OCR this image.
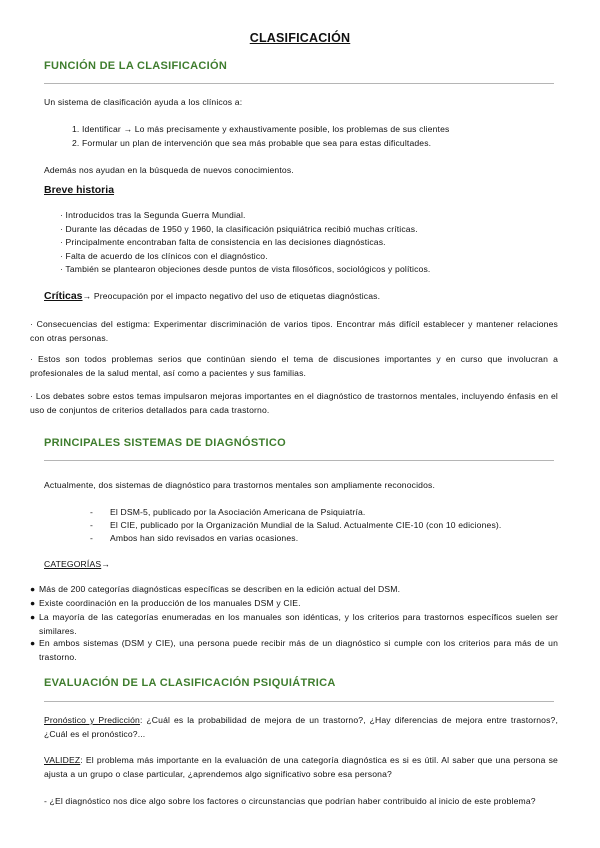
CLASIFICACIÓN
FUNCIÓN DE LA CLASIFICACIÓN
Un sistema de clasificación ayuda a los clínicos a:
1. Identificar → Lo más precisamente y exhaustivamente posible, los problemas de sus clientes
2. Formular un plan de intervención que sea más probable que sea para estas dificultades.
Además nos ayudan en la búsqueda de nuevos conocimientos.
Breve historia
· Introducidos tras la Segunda Guerra Mundial.
· Durante las décadas de 1950 y 1960, la clasificación psiquiátrica recibió muchas críticas.
· Principalmente encontraban falta de consistencia en las decisiones diagnósticas.
· Falta de acuerdo de los clínicos con el diagnóstico.
· También se plantearon objeciones desde puntos de vista filosóficos, sociológicos y políticos.
Críticas → Preocupación por el impacto negativo del uso de etiquetas diagnósticas.
· Consecuencias del estigma: Experimentar discriminación de varios tipos. Encontrar más difícil establecer y mantener relaciones con otras personas.
· Estos son todos problemas serios que continúan siendo el tema de discusiones importantes y en curso que involucran a profesionales de la salud mental, así como a pacientes y sus familias.
· Los debates sobre estos temas impulsaron mejoras importantes en el diagnóstico de trastornos mentales, incluyendo énfasis en el uso de conjuntos de criterios detallados para cada trastorno.
PRINCIPALES SISTEMAS DE DIAGNÓSTICO
Actualmente, dos sistemas de diagnóstico para trastornos mentales son ampliamente reconocidos.
- El DSM-5, publicado por la Asociación Americana de Psiquiatría.
- El CIE, publicado por la Organización Mundial de la Salud. Actualmente CIE-10 (con 10 ediciones).
- Ambos han sido revisados en varias ocasiones.
CATEGORÍAS →
● Más de 200 categorías diagnósticas específicas se describen en la edición actual del DSM.
● Existe coordinación en la producción de los manuales DSM y CIE.
● La mayoría de las categorías enumeradas en los manuales son idénticas, y los criterios para trastornos específicos suelen ser similares.
● En ambos sistemas (DSM y CIE), una persona puede recibir más de un diagnóstico si cumple con los criterios para más de un trastorno.
EVALUACIÓN DE LA CLASIFICACIÓN PSIQUIÁTRICA
Pronóstico y Predicción: ¿Cuál es la probabilidad de mejora de un trastorno?, ¿Hay diferencias de mejora entre trastornos?, ¿Cuál es el pronóstico?...
VALIDEZ: El problema más importante en la evaluación de una categoría diagnóstica es si es útil. Al saber que una persona se ajusta a un grupo o clase particular, ¿aprendemos algo significativo sobre esa persona?
- ¿El diagnóstico nos dice algo sobre los factores o circunstancias que podrían haber contribuido al inicio de este problema?
